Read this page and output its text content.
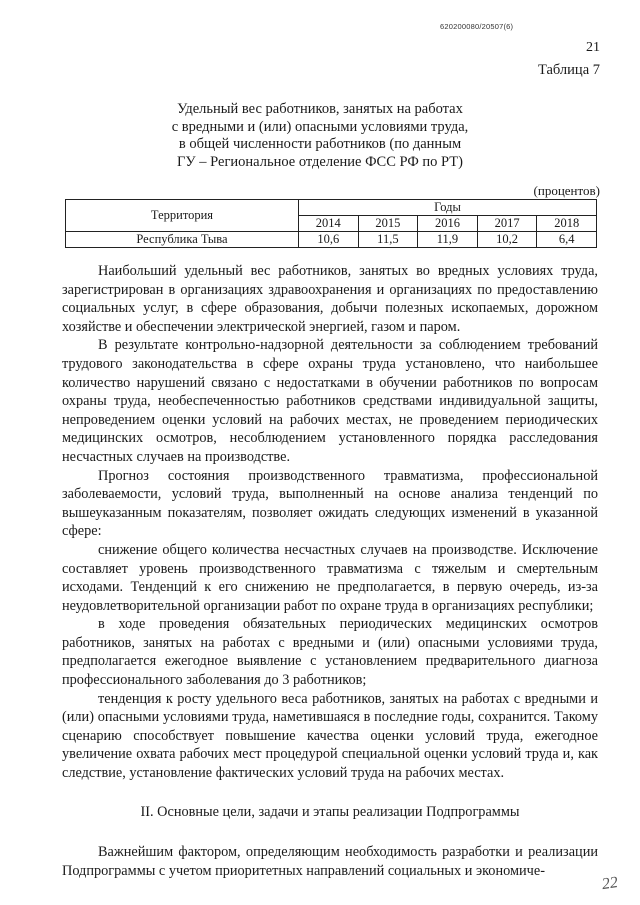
620200080/20507(6)
21
Таблица 7
Удельный вес работников, занятых на работах
с вредными и (или) опасными условиями труда,
в общей численности работников (по данным
ГУ – Региональное отделение ФСС РФ по РТ)
(процентов)
Территория	Годы				
	2014	2015	2016	2017	2018
Республика Тыва	10,6	11,5	11,9	10,2	6,4

Наибольший удельный вес работников, занятых во вредных условиях труда, зарегистрирован в организациях здравоохранения и организациях по предоставлению социальных услуг, в сфере образования, добычи полезных ископаемых, дорожном хозяйстве и обеспечении электрической энергией, газом и паром.

В результате контрольно-надзорной деятельности за соблюдением требований трудового законодательства в сфере охраны труда установлено, что наибольшее количество нарушений связано с недостатками в обучении работников по вопросам охраны труда, необеспеченностью работников средствами индивидуальной защиты, непроведением оценки условий на рабочих местах, не проведением периодических медицинских осмотров, несоблюдением установленного порядка расследования несчастных случаев на производстве.

Прогноз состояния производственного травматизма, профессиональной заболеваемости, условий труда, выполненный на основе анализа тенденций по вышеуказанным показателям, позволяет ожидать следующих изменений в указанной сфере:

снижение общего количества несчастных случаев на производстве. Исключение составляет уровень производственного травматизма с тяжелым и смертельным исходами. Тенденций к его снижению не предполагается, в первую очередь, из-за неудовлетворительной организации работ по охране труда в организациях республики;

в ходе проведения обязательных периодических медицинских осмотров работников, занятых на работах с вредными и (или) опасными условиями труда, предполагается ежегодное выявление с установлением предварительного диагноза профессионального заболевания до 3 работников;

тенденция к росту удельного веса работников, занятых на работах с вредными и (или) опасными условиями труда, наметившаяся в последние годы, сохранится. Такому сценарию способствует повышение качества оценки условий труда, ежегодное увеличение охвата рабочих мест процедурой специальной оценки условий труда и, как следствие, установление фактических условий труда на рабочих местах.

II. Основные цели, задачи и этапы реализации Подпрограммы

Важнейшим фактором, определяющим необходимость разработки и реализации Подпрограммы с учетом приоритетных направлений социальных и экономиче-

22
